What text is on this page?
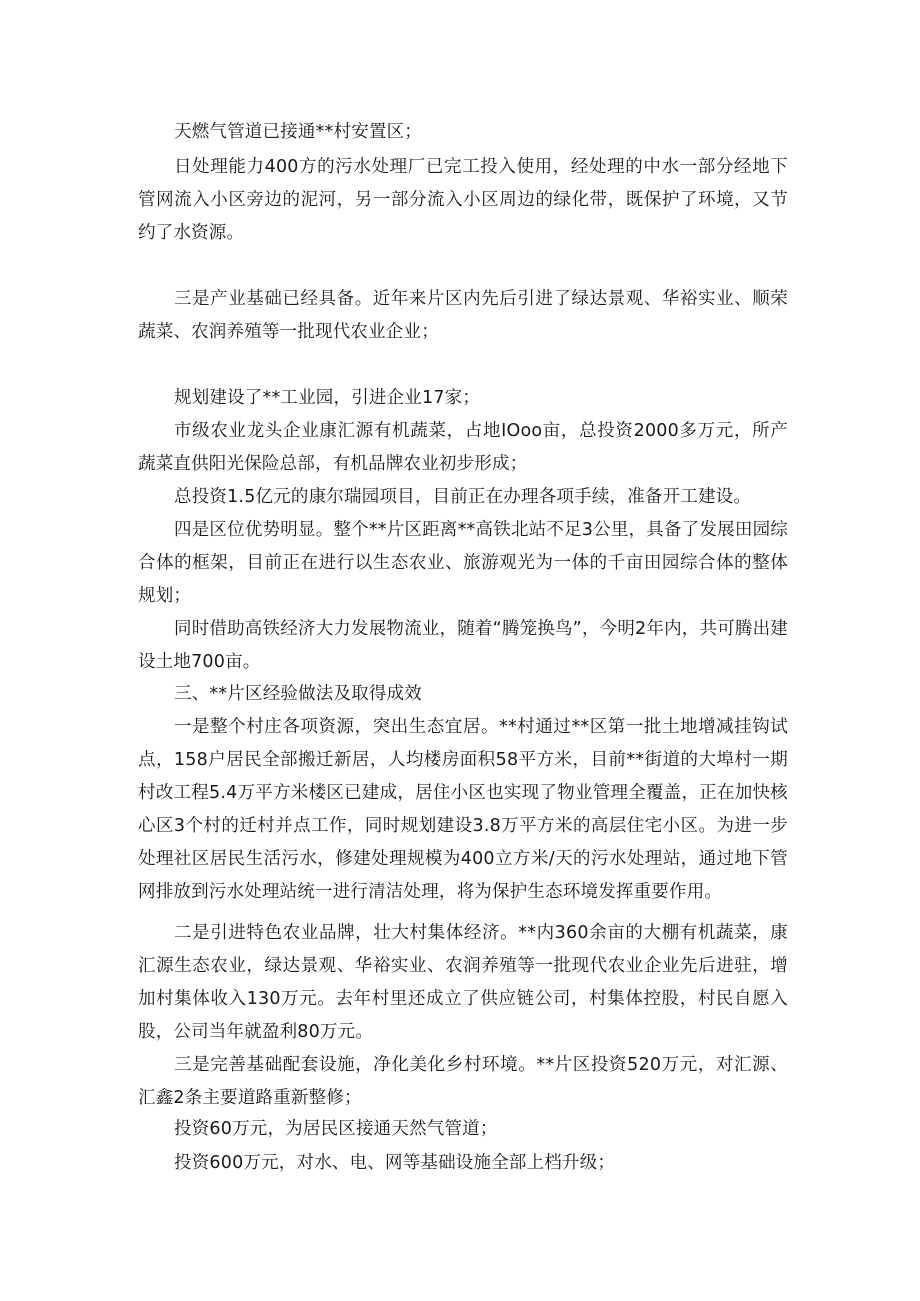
天燃气管道已接通**村安置区；

日处理能力400方的污水处理厂已完工投入使用，经处理的中水一部分经地下管网流入小区旁边的泥河，另一部分流入小区周边的绿化带，既保护了环境，又节约了水资源。

三是产业基础已经具备。近年来片区内先后引进了绿达景观、华裕实业、顺荣蔬菜、农润养殖等一批现代农业企业；

规划建设了**工业园，引进企业17家；

市级农业龙头企业康汇源有机蔬菜，占地IOoo亩，总投资2000多万元，所产蔬菜直供阳光保险总部，有机品牌农业初步形成；

总投资1.5亿元的康尔瑞园项目，目前正在办理各项手续，准备开工建设。

四是区位优势明显。整个**片区距离**高铁北站不足3公里，具备了发展田园综合体的框架，目前正在进行以生态农业、旅游观光为一体的千亩田园综合体的整体规划；

同时借助高铁经济大力发展物流业，随着“腾笼换鸟”，今明2年内，共可腾出建设土地700亩。

三、**片区经验做法及取得成效

一是整个村庄各项资源，突出生态宜居。**村通过**区第一批土地增减挂钩试点，158户居民全部搬迁新居，人均楼房面积58平方米，目前**街道的大埠村一期村改工程5.4万平方米楼区已建成，居住小区也实现了物业管理全覆盖，正在加快核心区3个村的迁村并点工作，同时规划建设3.8万平方米的高层住宅小区。为进一步处理社区居民生活污水，修建处理规模为400立方米/天的污水处理站，通过地下管网排放到污水处理站统一进行清洁处理，将为保护生态环境发挥重要作用。

二是引进特色农业品牌，壮大村集体经济。**内360余亩的大棚有机蔬菜，康汇源生态农业，绿达景观、华裕实业、农润养殖等一批现代农业企业先后进驻，增加村集体收入130万元。去年村里还成立了供应链公司，村集体控股，村民自愿入股，公司当年就盈利80万元。

三是完善基础配套设施，净化美化乡村环境。**片区投资520万元，对汇源、汇鑫2条主要道路重新整修；

投资60万元，为居民区接通天然气管道；

投资600万元，对水、电、网等基础设施全部上档升级；
